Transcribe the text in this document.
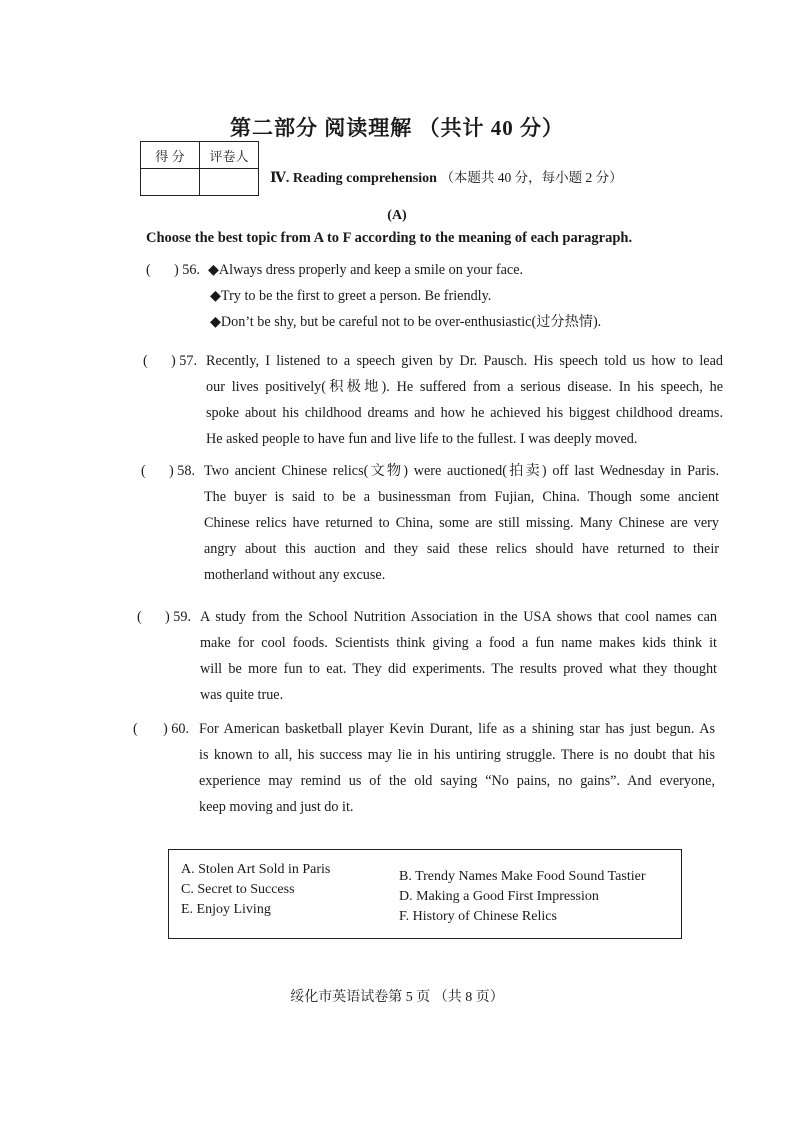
第二部分 阅读理解 （共计 40 分）
得 分	评卷人

Ⅳ. Reading comprehension （本题共 40 分，每小题 2 分）
(A)
Choose the best topic from A to F according to the meaning of each paragraph.
( ) 56. ◆Always dress properly and keep a smile on your face.
◆Try to be the first to greet a person. Be friendly.
◆Don’t be shy, but be careful not to be over-enthusiastic(过分热情).
( ) 57. Recently, I listened to a speech given by Dr. Pausch. His speech told us how to lead
our lives positively(积极地). He suffered from a serious disease. In his speech, he
spoke about his childhood dreams and how he achieved his biggest childhood dreams.
He asked people to have fun and live life to the fullest. I was deeply moved.
( ) 58. Two ancient Chinese relics(文物) were auctioned(拍卖) off last Wednesday in Paris.
The buyer is said to be a businessman from Fujian, China. Though some ancient
Chinese relics have returned to China, some are still missing. Many Chinese are very
angry about this auction and they said these relics should have returned to their
motherland without any excuse.
( ) 59. A study from the School Nutrition Association in the USA shows that cool names can
make for cool foods. Scientists think giving a food a fun name makes kids think it
will be more fun to eat. They did experiments. The results proved what they thought
was quite true.
( ) 60. For American basketball player Kevin Durant, life as a shining star has just begun. As
is known to all, his success may lie in his untiring struggle. There is no doubt that his
experience may remind us of the old saying “No pains, no gains”. And everyone,
keep moving and just do it.
A. Stolen Art Sold in Paris
C. Secret to Success
E. Enjoy Living
B. Trendy Names Make Food Sound Tastier
D. Making a Good First Impression
F. History of Chinese Relics
绥化市英语试卷第 5 页 （共 8 页）
